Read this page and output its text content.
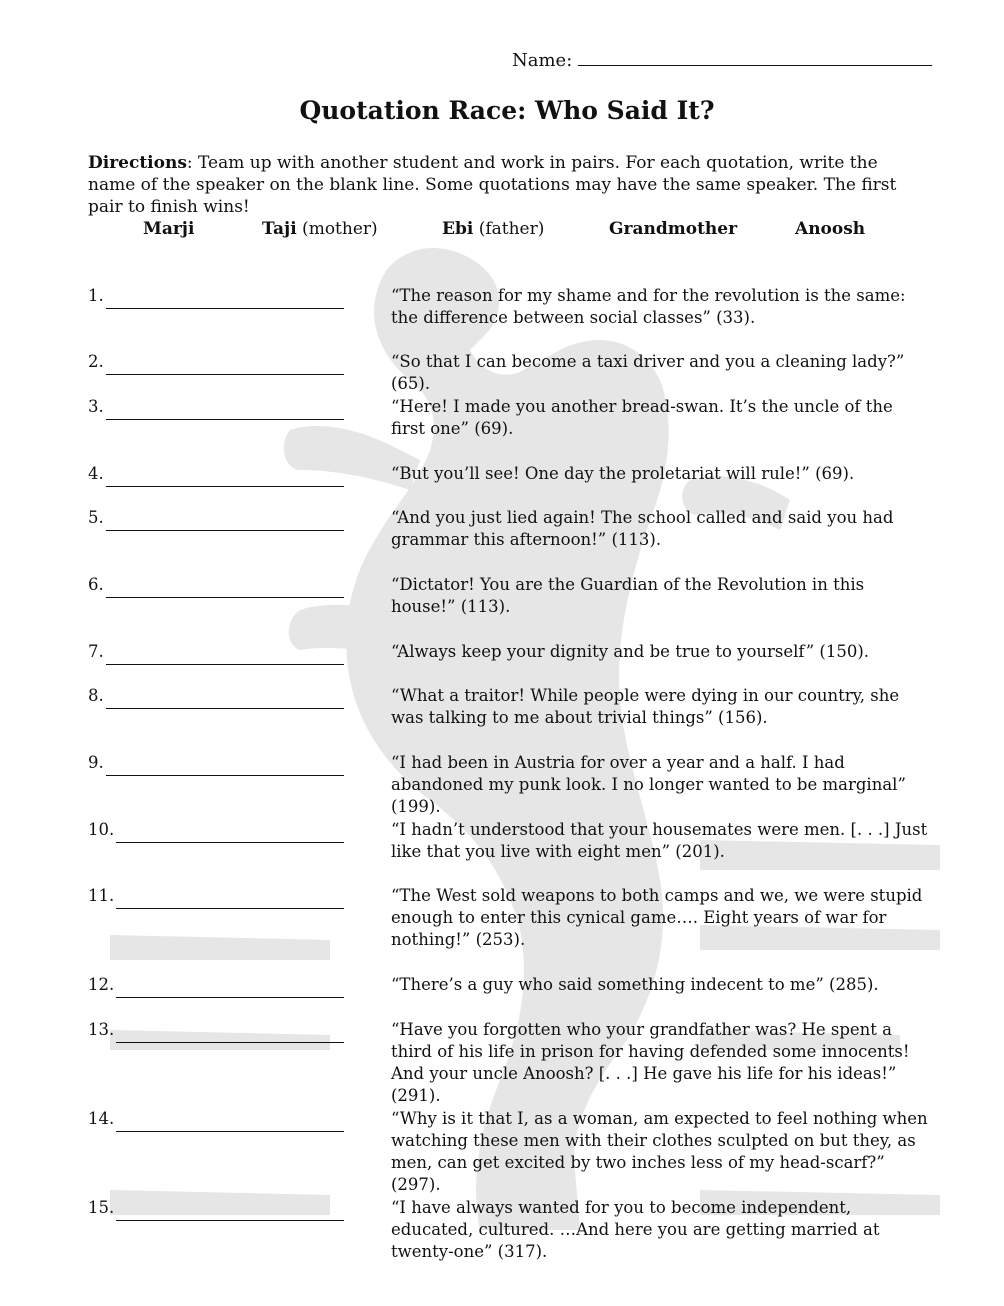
Name:
Quotation Race: Who Said It?
Directions: Team up with another student and work in pairs. For each quotation, write the name of the speaker on the blank line. Some quotations may have the same speaker. The first pair to finish wins!
Marji	Taji (mother)	Ebi (father)	Grandmother	Anoosh
1.	“The reason for my shame and for the revolution is the same: the difference between social classes” (33).
2.	“So that I can become a taxi driver and you a cleaning lady?” (65).
3.	“Here! I made you another bread-swan. It’s the uncle of the first one” (69).
4.	“But you’ll see! One day the proletariat will rule!” (69).
5.	“And you just lied again! The school called and said you had grammar this afternoon!” (113).
6.	“Dictator! You are the Guardian of the Revolution in this house!” (113).
7.	“Always keep your dignity and be true to yourself” (150).
8.	“What a traitor! While people were dying in our country, she was talking to me about trivial things” (156).
9.	“I had been in Austria for over a year and a half. I had abandoned my punk look. I no longer wanted to be marginal” (199).
10.	“I hadn’t understood that your housemates were men. [. . .] Just like that you live with eight men” (201).
11.	“The West sold weapons to both camps and we, we were stupid enough to enter this cynical game…. Eight years of war for nothing!” (253).
12.	“There’s a guy who said something indecent to me” (285).
13.	“Have you forgotten who your grandfather was? He spent a third of his life in prison for having defended some innocents! And your uncle Anoosh? [. . .] He gave his life for his ideas!” (291).
14.	“Why is it that I, as a woman, am expected to feel nothing when watching these men with their clothes sculpted on but they, as men, can get excited by two inches less of my head-scarf?” (297).
15.	“I have always wanted for you to become independent, educated, cultured. …And here you are getting married at twenty-one” (317).
